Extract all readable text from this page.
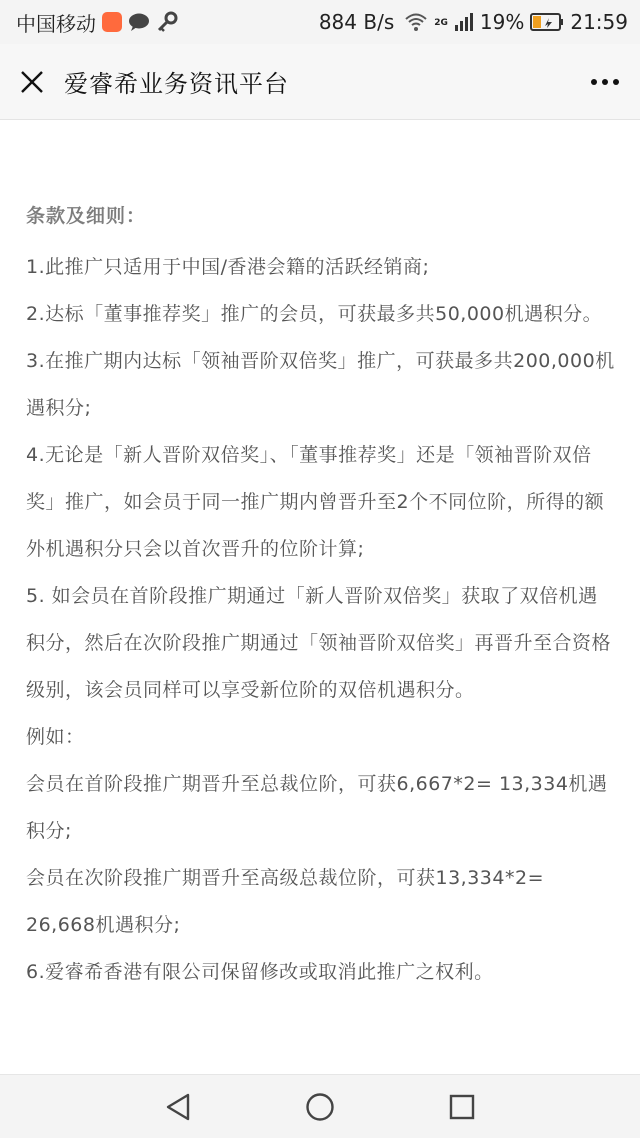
中国移动	884 B/s	2G 19% 21:59
爱睿希业务资讯平台

条款及细则：

1.此推广只适用于中国/香港会籍的活跃经销商;

2.达标「董事推荐奖」推广的会员，可获最多共50,000机遇积分。

3.在推广期内达标「领袖晋阶双倍奖」推广，可获最多共200,000机遇积分;

4.无论是「新人晋阶双倍奖」、「董事推荐奖」还是「领袖晋阶双倍奖」推广，如会员于同一推广期内曾晋升至2个不同位阶，所得的额外机遇积分只会以首次晋升的位阶计算;

5. 如会员在首阶段推广期通过「新人晋阶双倍奖」获取了双倍机遇积分，然后在次阶段推广期通过「领袖晋阶双倍奖」再晋升至合资格级别，该会员同样可以享受新位阶的双倍机遇积分。

例如：

会员在首阶段推广期晋升至总裁位阶，可获6,667*2= 13,334机遇积分;

会员在次阶段推广期晋升至高级总裁位阶，可获13,334*2= 26,668机遇积分;

6.爱睿希香港有限公司保留修改或取消此推广之权利。
